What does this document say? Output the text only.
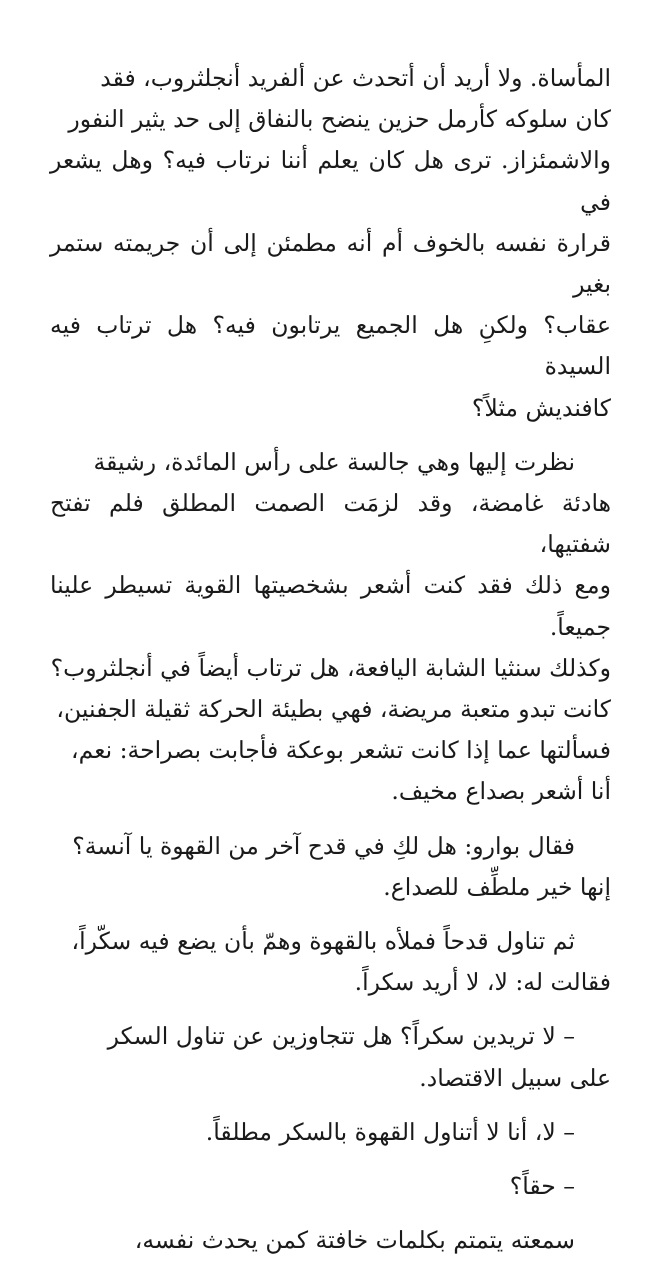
المأساة. ولا أريد أن أتحدث عن ألفريد أنجلثروب، فقد
كان سلوكه كأرمل حزين ينضح بالنفاق إلى حد يثير النفور
والاشمئزاز. ترى هل كان يعلم أننا نرتاب فيه؟ وهل يشعر في
قرارة نفسه بالخوف أم أنه مطمئن إلى أن جريمته ستمر بغير
عقاب؟ ولكنِ هل الجميع يرتابون فيه؟ هل ترتاب فيه السيدة
كافنديش مثلاً؟

نظرت إليها وهي جالسة على رأس المائدة، رشيقة
هادئة غامضة، وقد لزمَت الصمت المطلق فلم تفتح شفتيها،
ومع ذلك فقد كنت أشعر بشخصيتها القوية تسيطر علينا جميعاً.
وكذلك سنثيا الشابة اليافعة، هل ترتاب أيضاً في أنجلثروب؟
كانت تبدو متعبة مريضة، فهي بطيئة الحركة ثقيلة الجفنين،
فسألتها عما إذا كانت تشعر بوعكة فأجابت بصراحة: نعم،
أنا أشعر بصداع مخيف.

فقال بوارو: هل لكِ في قدح آخر من القهوة يا آنسة؟
إنها خير ملطِّف للصداع.

ثم تناول قدحاً فملأه بالقهوة وهمّ بأن يضع فيه سكّراً،
فقالت له: لا، لا أريد سكراً.

– لا تريدين سكراً؟ هل تتجاوزين عن تناول السكر
على سبيل الاقتصاد.

– لا، أنا لا أتناول القهوة بالسكر مطلقاً.

– حقاً؟

سمعته يتمتم بكلمات خافتة كمن يحدث نفسه،
